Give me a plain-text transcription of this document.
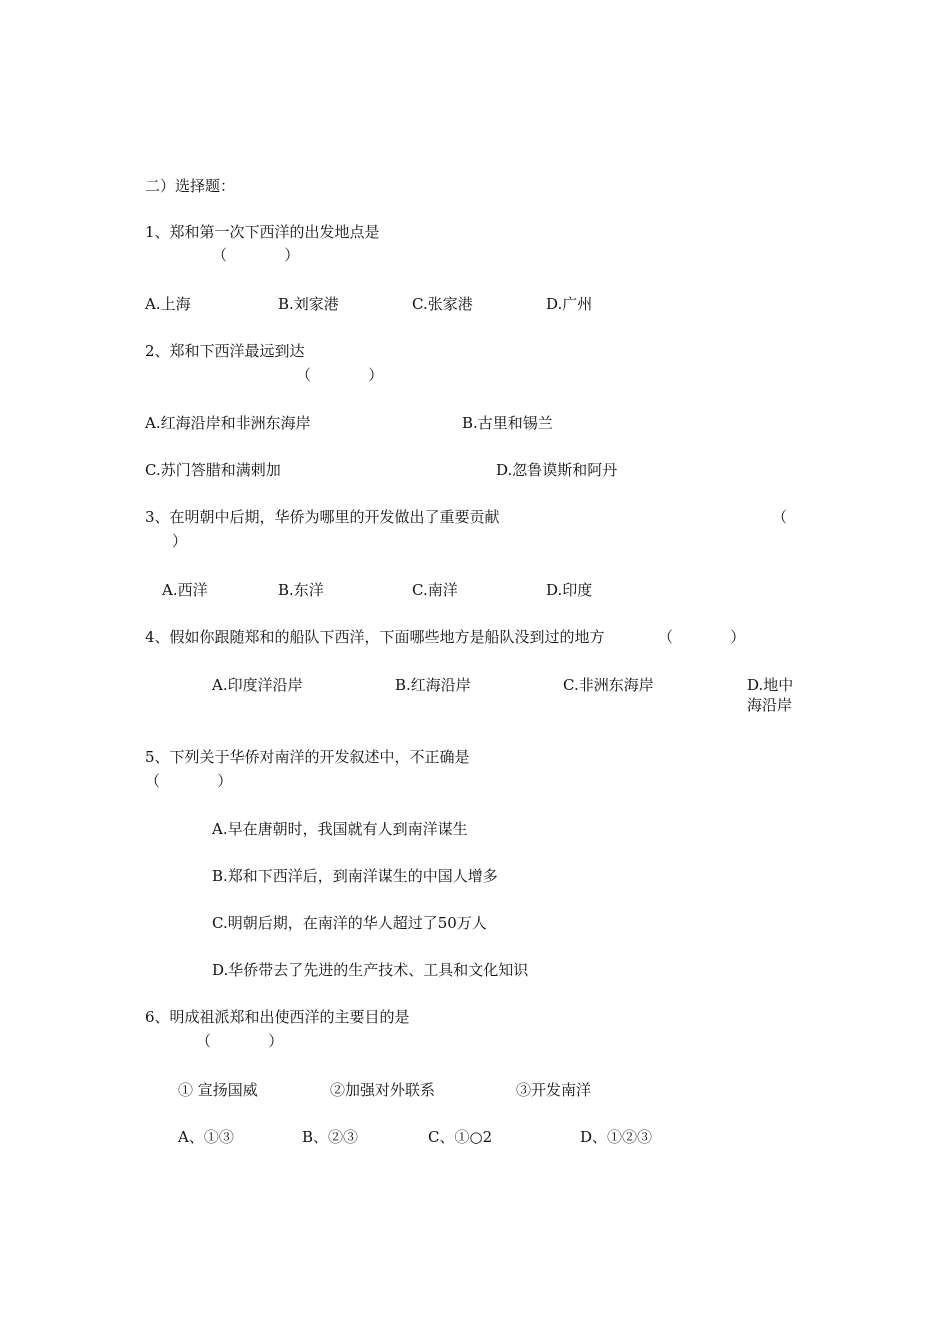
二）选择题：
1、郑和第一次下西洋的出发地点是
（            ）
A.上海	B.刘家港	C.张家港	D.广州
2、郑和下西洋最远到达
（            ）
A.红海沿岸和非洲东海岸	B.古里和锡兰
C.苏门答腊和满剌加	D.忽鲁谟斯和阿丹
3、在明朝中后期，华侨为哪里的开发做出了重要贡献	（
）
A.西洋	B.东洋	C.南洋	D.印度
4、假如你跟随郑和的船队下西洋，下面哪些地方是船队没到过的地方	（            ）
A.印度洋沿岸	B.红海沿岸	C.非洲东海岸	D.地中海沿岸
5、下列关于华侨对南洋的开发叙述中，不正确是
（            ）
A.早在唐朝时，我国就有人到南洋谋生
B.郑和下西洋后，到南洋谋生的中国人增多
C.明朝后期，在南洋的华人超过了50万人
D.华侨带去了先进的生产技术、工具和文化知识
6、明成祖派郑和出使西洋的主要目的是
（            ）
① 宣扬国威	②加强对外联系	③开发南洋
A、①③	B、②③	C、①○2	D、①②③
